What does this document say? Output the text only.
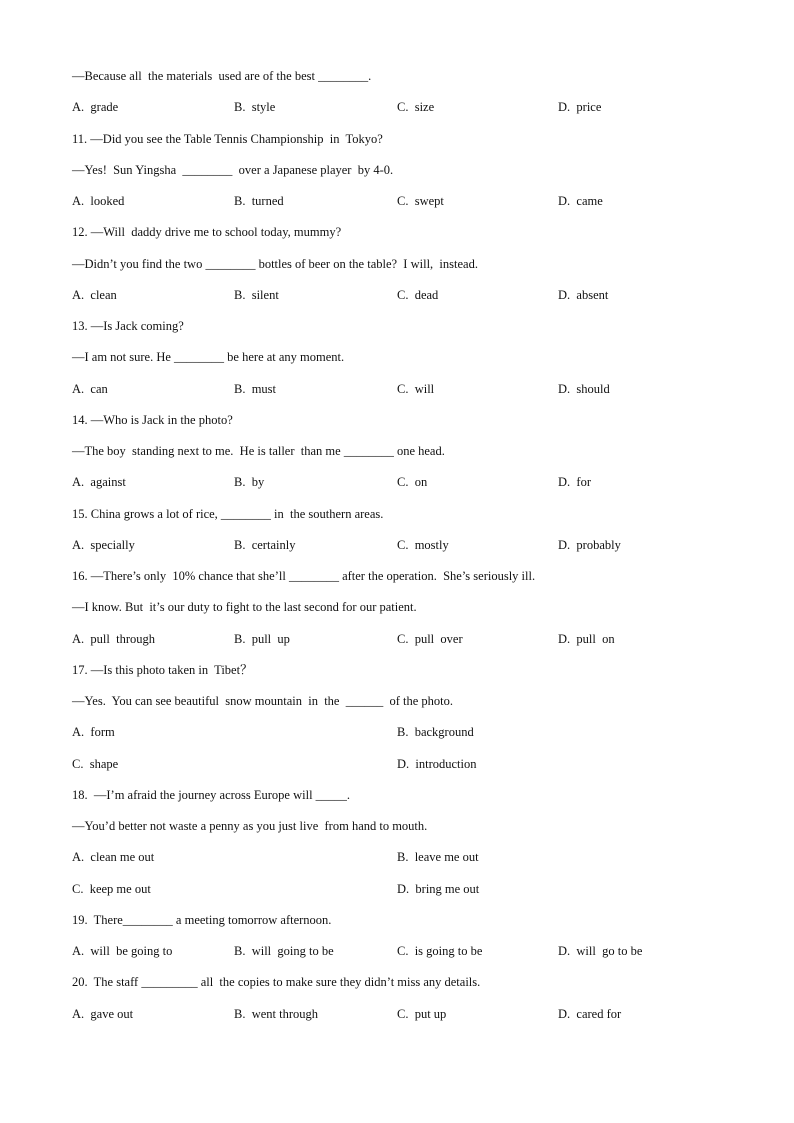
—Because all  the materials  used are of the best ________.
A.  grade	B.  style	C.  size	D.  price
11. —Did you see the Table Tennis Championship  in  Tokyo?
—Yes!  Sun Yingsha  ________  over a Japanese player  by 4-0.
A.  looked	B.  turned	C.  swept	D.  came
12. —Will  daddy drive me to school today, mummy?
—Didn’t you find the two ________ bottles of beer on the table?  I will,  instead.
A.  clean	B.  silent	C.  dead	D.  absent
13. —Is Jack coming?
—I am not sure. He ________ be here at any moment.
A.  can	B.  must	C.  will	D.  should
14. —Who is Jack in the photo?
—The boy  standing next to me.  He is taller  than me ________ one head.
A.  against	B.  by	C.  on	D.  for
15. China grows a lot of rice, ________ in  the southern areas.
A.  specially	B.  certainly	C.  mostly	D.  probably
16. —There’s only  10% chance that she’ll ________ after the operation.  She’s seriously ill.
—I know. But  it’s our duty to fight to the last second for our patient.
A.  pull  through	B.  pull  up	C.  pull  over	D.  pull  on
17. —Is this photo taken in  Tibet？
—Yes.  You can see beautiful  snow mountain  in  the  ______  of the photo.
A.  form	B.  background
C.  shape	D.  introduction
18.  —I’m afraid the journey across Europe will _____.
—You’d better not waste a penny as you just live  from hand to mouth.
A.  clean me out	B.  leave me out
C.  keep me out	D.  bring me out
19.  There________ a meeting tomorrow afternoon.
A.  will  be going to	B.  will  going to be	C.  is going to be	D.  will  go to be
20.  The staff _________ all  the copies to make sure they didn’t miss any details.
A.  gave out	B.  went through	C.  put up	D.  cared for
